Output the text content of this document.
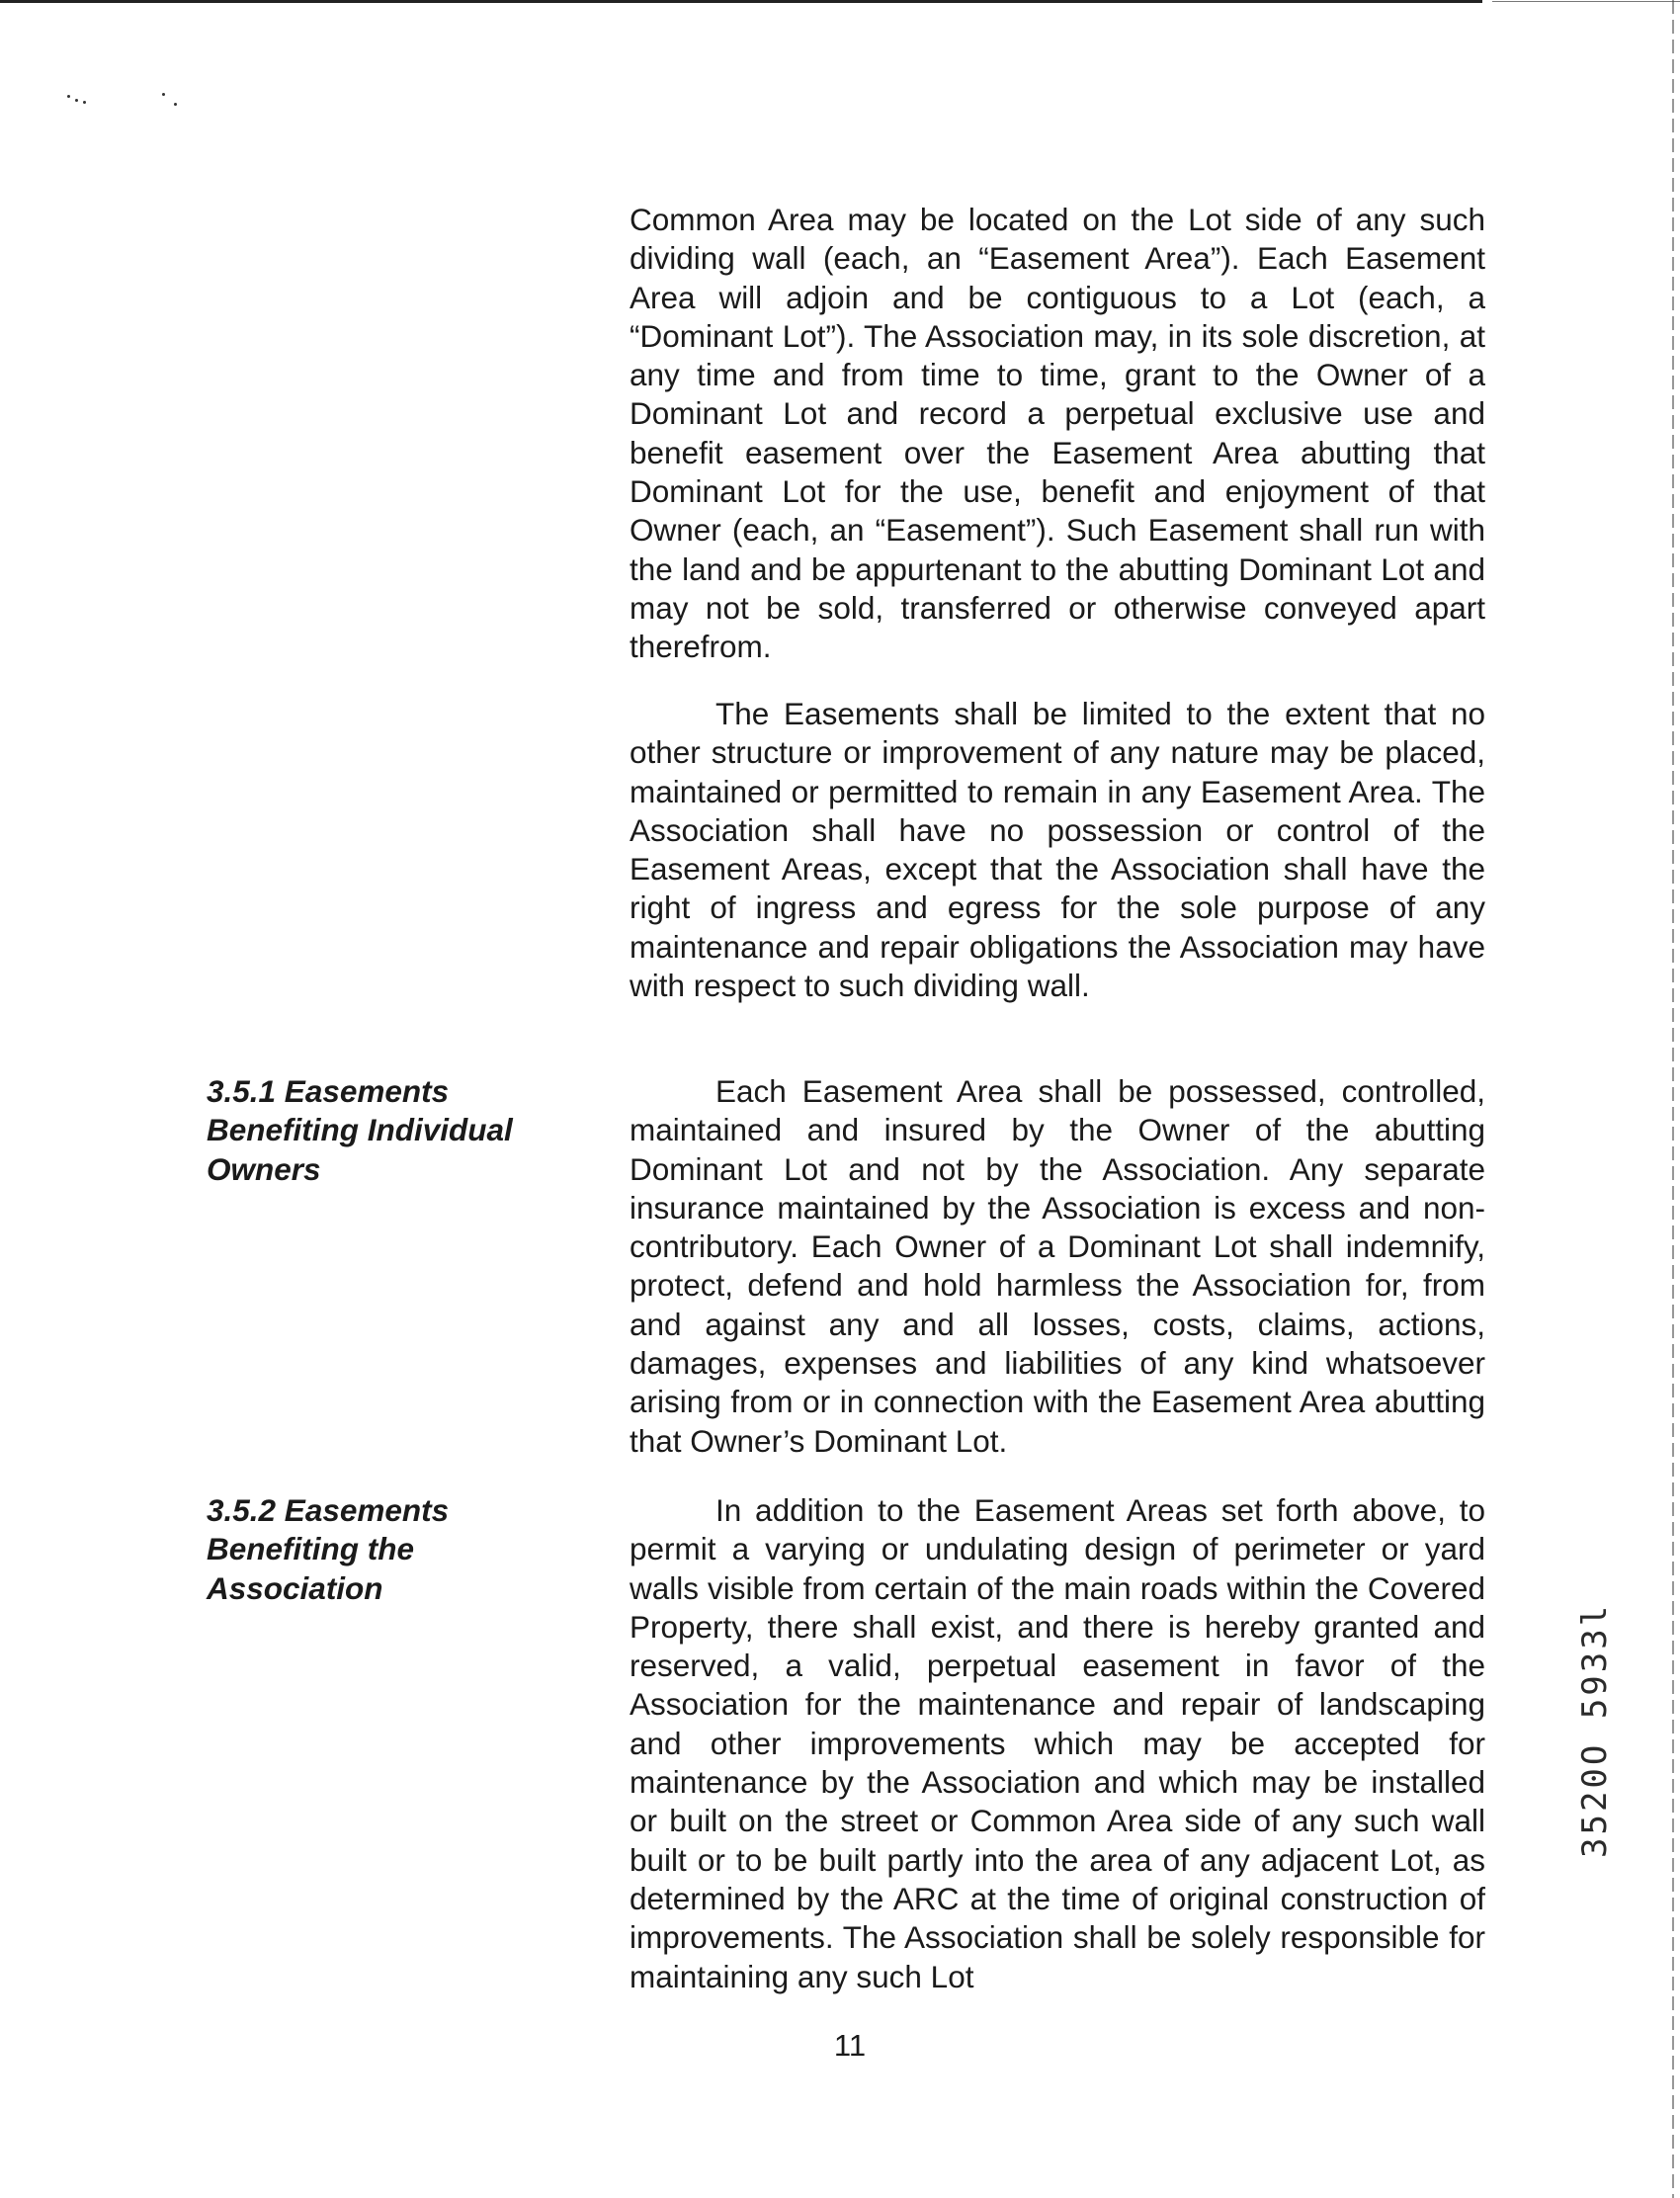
Common Area may be located on the Lot side of any such dividing wall (each, an “Easement Area”). Each Easement Area will adjoin and be contiguous to a Lot (each, a “Dominant Lot”). The Association may, in its sole discretion, at any time and from time to time, grant to the Owner of a Dominant Lot and record a perpetual exclusive use and benefit easement over the Easement Area abutting that Dominant Lot for the use, benefit and enjoyment of that Owner (each, an “Easement”). Such Easement shall run with the land and be appurtenant to the abutting Dominant Lot and may not be sold, transferred or otherwise conveyed apart therefrom.

The Easements shall be limited to the extent that no other structure or improvement of any nature may be placed, maintained or permitted to remain in any Easement Area. The Association shall have no possession or control of the Easement Areas, except that the Association shall have the right of ingress and egress for the sole purpose of any maintenance and repair obligations the Association may have with respect to such dividing wall.

3.5.1 Easements
Benefiting Individual
Owners

Each Easement Area shall be possessed, controlled, maintained and insured by the Owner of the abutting Dominant Lot and not by the Association. Any separate insurance maintained by the Association is excess and non-contributory. Each Owner of a Dominant Lot shall indemnify, protect, defend and hold harmless the Association for, from and against any and all losses, costs, claims, actions, damages, expenses and liabilities of any kind whatsoever arising from or in connection with the Easement Area abutting that Owner’s Dominant Lot.

3.5.2 Easements
Benefiting the
Association

In addition to the Easement Areas set forth above, to permit a varying or undulating design of perimeter or yard walls visible from certain of the main roads within the Covered Property, there shall exist, and there is hereby granted and reserved, a valid, perpetual easement in favor of the Association for the maintenance and repair of landscaping and other improvements which may be accepted for maintenance by the Association and which may be installed or built on the street or Common Area side of any such wall built or to be built partly into the area of any adjacent Lot, as determined by the ARC at the time of original construction of improvements. The Association shall be solely responsible for maintaining any such Lot

11
3520O 5933l
